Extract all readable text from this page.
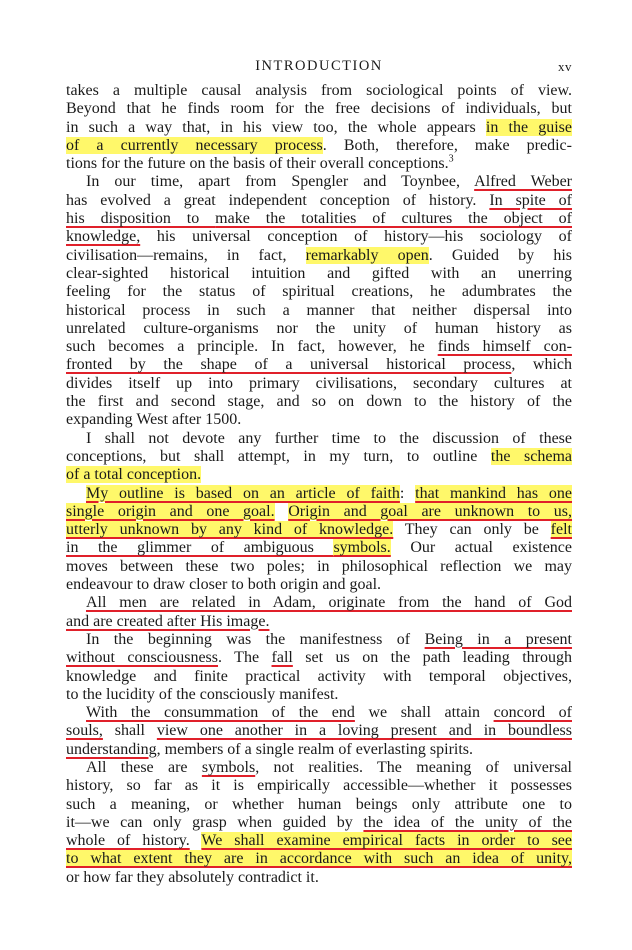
INTRODUCTION	xv
takes a multiple causal analysis from sociological points of view.
Beyond that he finds room for the free decisions of individuals, but
in such a way that, in his view too, the whole appears in the guise
of a currently necessary process. Both, therefore, make predic-
tions for the future on the basis of their overall conceptions.$^3$
In our time, apart from Spengler and Toynbee, Alfred Weber
has evolved a great independent conception of history. In spite of
his disposition to make the totalities of cultures the object of
knowledge, his universal conception of history—his sociology of
civilisation—remains, in fact, remarkably open. Guided by his
clear-sighted historical intuition and gifted with an unerring
feeling for the status of spiritual creations, he adumbrates the
historical process in such a manner that neither dispersal into
unrelated culture-organisms nor the unity of human history as
such becomes a principle. In fact, however, he finds himself con-
fronted by the shape of a universal historical process, which
divides itself up into primary civilisations, secondary cultures at
the first and second stage, and so on down to the history of the
expanding West after 1500.
I shall not devote any further time to the discussion of these
conceptions, but shall attempt, in my turn, to outline the schema
of a total conception.
My outline is based on an article of faith: that mankind has one
single origin and one goal. Origin and goal are unknown to us,
utterly unknown by any kind of knowledge. They can only be felt
in the glimmer of ambiguous symbols. Our actual existence
moves between these two poles; in philosophical reflection we may
endeavour to draw closer to both origin and goal.
All men are related in Adam, originate from the hand of God
and are created after His image.
In the beginning was the manifestness of Being in a present
without consciousness. The fall set us on the path leading through
knowledge and finite practical activity with temporal objectives,
to the lucidity of the consciously manifest.
With the consummation of the end we shall attain concord of
souls, shall view one another in a loving present and in boundless
understanding, members of a single realm of everlasting spirits.
All these are symbols, not realities. The meaning of universal
history, so far as it is empirically accessible—whether it possesses
such a meaning, or whether human beings only attribute one to
it—we can only grasp when guided by the idea of the unity of the
whole of history. We shall examine empirical facts in order to see
to what extent they are in accordance with such an idea of unity,
or how far they absolutely contradict it.
